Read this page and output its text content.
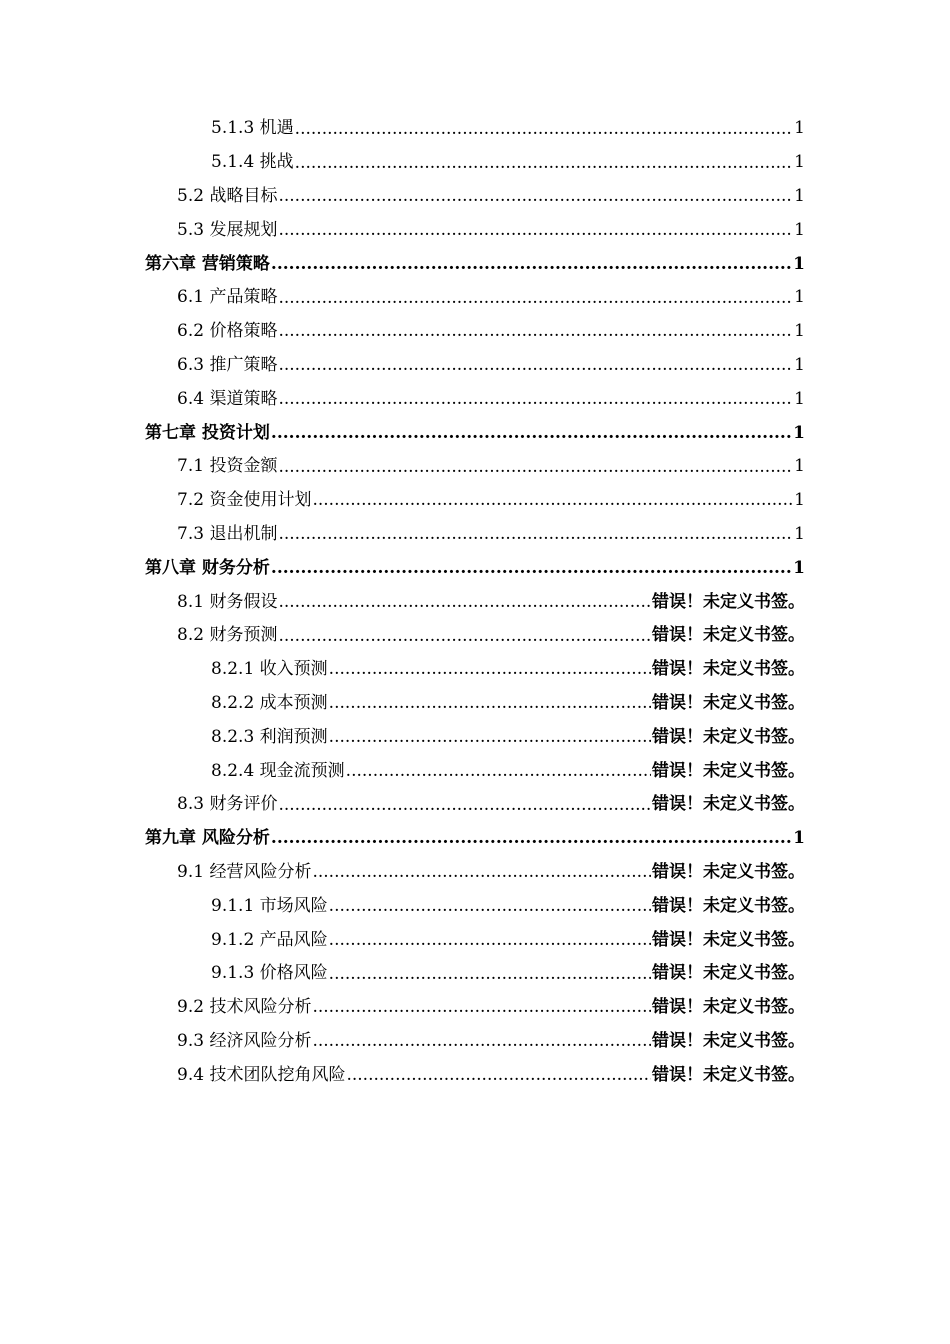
5.1.3 机遇 .....	1
5.1.4 挑战 .....	1
5.2 战略目标 .....	1
5.3 发展规划 .....	1
第六章 营销策略 .....	1
6.1 产品策略 .....	1
6.2 价格策略 .....	1
6.3 推广策略 .....	1
6.4 渠道策略 .....	1
第七章 投资计划 .....	1
7.1 投资金额 .....	1
7.2 资金使用计划 .....	1
7.3 退出机制 .....	1
第八章 财务分析 .....	1
8.1 财务假设 .....	错误！未定义书签。
8.2 财务预测 .....	错误！未定义书签。
8.2.1 收入预测 .....	错误！未定义书签。
8.2.2 成本预测 .....	错误！未定义书签。
8.2.3 利润预测 .....	错误！未定义书签。
8.2.4 现金流预测 .....	错误！未定义书签。
8.3 财务评价 .....	错误！未定义书签。
第九章 风险分析 .....	1
9.1 经营风险分析 .....	错误！未定义书签。
9.1.1 市场风险 .....	错误！未定义书签。
9.1.2 产品风险 .....	错误！未定义书签。
9.1.3 价格风险 .....	错误！未定义书签。
9.2 技术风险分析 .....	错误！未定义书签。
9.3 经济风险分析 .....	错误！未定义书签。
9.4 技术团队挖角风险 .....	错误！未定义书签。
